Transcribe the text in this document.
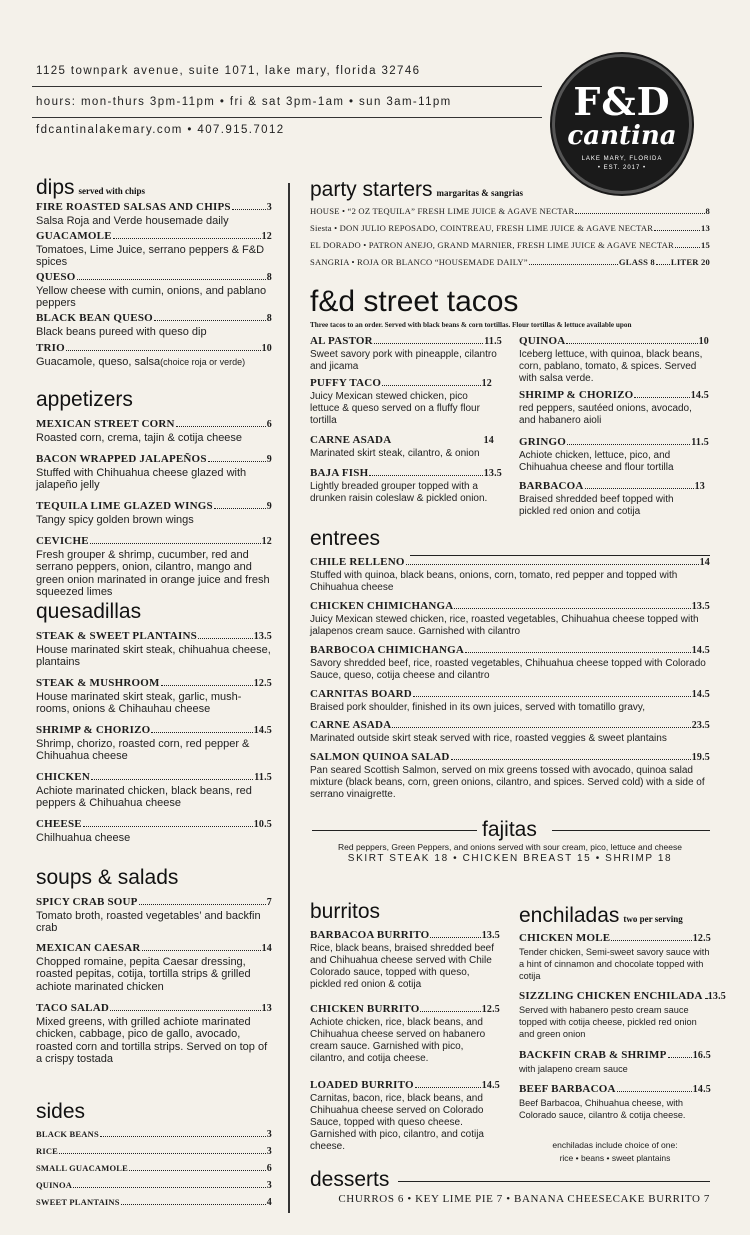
1125 townpark avenue, suite 1071, lake mary, florida 32746
hours: mon-thurs 3pm-11pm • fri & sat 3pm-1am • sun 3am-11pm
fdcantinalakemary.com • 407.915.7012
F&D
cantina
LAKE MARY, FLORIDA
• EST. 2017 •
dips served with chips
FIRE ROASTED SALSAS AND CHIPS	3
Salsa Roja and Verde housemade daily
GUACAMOLE	12
Tomatoes, Lime Juice, serrano peppers & F&D spices
QUESO	8
Yellow cheese with cumin, onions, and pablano peppers
BLACK BEAN QUESO	8
Black beans pureed with queso dip
TRIO	10
Guacamole, queso, salsa(choice roja or verde)
appetizers
MEXICAN STREET CORN	6
Roasted corn, crema, tajin & cotija cheese
BACON WRAPPED JALAPEÑOS	9
Stuffed with Chihuahua cheese glazed with jalapeño jelly
TEQUILA LIME GLAZED WINGS	9
Tangy spicy golden brown wings
CEVICHE	12
Fresh grouper & shrimp, cucumber, red and serrano peppers, onion, cilantro, mango and green onion marinated in orange juice and fresh squeezed limes
quesadillas
STEAK & SWEET PLANTAINS	13.5
House marinated skirt steak, chihuahua cheese, plantains
STEAK & MUSHROOM	12.5
House marinated skirt steak, garlic, mush-rooms, onions & Chihauhau cheese
SHRIMP & CHORIZO	14.5
Shrimp, chorizo, roasted corn, red pepper & Chihuahua cheese
CHICKEN	11.5
Achiote marinated chicken, black beans, red peppers & Chihuahua cheese
CHEESE	10.5
Chilhuahua cheese
soups & salads
SPICY CRAB SOUP	7
Tomato broth, roasted vegetables’ and backfin crab
MEXICAN CAESAR	14
Chopped romaine, pepita Caesar dressing, roasted pepitas, cotija, tortilla strips & grilled achiote marinated chicken
TACO SALAD	13
Mixed greens, with grilled achiote marinated chicken, cabbage, pico de gallo, avocado, roasted corn and tortilla strips. Served on top of a crispy tostada
sides
BLACK BEANS	3
RICE	3
SMALL GUACAMOLE	6
QUINOA	3
SWEET PLANTAINS	4
party starters margaritas & sangrias
HOUSE • “2 OZ TEQUILA” FRESH LIME JUICE & AGAVE NECTAR	8
Siesta • DON JULIO REPOSADO, COINTREAU, FRESH LIME JUICE & AGAVE NECTAR	13
EL DORADO • PATRON ANEJO, GRAND MARNIER, FRESH LIME JUICE & AGAVE NECTAR	15
SANGRIA • ROJA OR BLANCO “HOUSEMADE DAILY”	GLASS 8 LITER 20
f&d street tacos
Three tacos to an order. Served with black beans & corn tortillas. Flour tortillas & lettuce available upon
AL PASTOR	11.5
Sweet savory pork with pineapple, cilantro and jicama
PUFFY TACO	12
Juicy Mexican stewed chicken, pico lettuce & queso served on a fluffy flour tortilla
CARNE ASADA	14
Marinated skirt steak, cilantro, & onion
BAJA FISH	13.5
Lightly breaded grouper topped with a drunken raisin coleslaw & pickled onion.
QUINOA	10
Iceberg lettuce, with quinoa, black beans, corn, pablano, tomato, & spices. Served with salsa verde.
SHRIMP & CHORIZO	14.5
red peppers, sautéed onions, avocado, and habanero aioli
GRINGO	11.5
Achiote chicken, lettuce, pico, and Chihuahua cheese and flour tortilla
BARBACOA	13
Braised shredded beef topped with pickled red onion and cotija
entrees
CHILE RELLENO	14
Stuffed with quinoa, black beans, onions, corn, tomato, red pepper and topped with Chihuahua cheese
CHICKEN CHIMICHANGA	13.5
Juicy Mexican stewed chicken, rice, roasted vegetables, Chihuahua cheese topped with jalapenos cream sauce. Garnished with cilantro
BARBOCOA CHIMICHANGA	14.5
Savory shredded beef, rice, roasted vegetables, Chihuahua cheese topped with Colorado Sauce, queso, cotija cheese and cilantro
CARNITAS BOARD	14.5
Braised pork shoulder, finished in its own juices, served with tomatillo gravy,
CARNE ASADA	23.5
Marinated outside skirt steak served with rice, roasted veggies & sweet plantains
SALMON QUINOA SALAD	19.5
Pan seared Scottish Salmon, served on mix greens tossed with avocado, quinoa salad mixture (black beans, corn, green onions, cilantro, and spices. Served cold) with a side of serrano vinaigrette.
fajitas
Red peppers, Green Peppers, and onions served with sour cream, pico, lettuce and cheese
SKIRT STEAK 18 • CHICKEN BREAST 15 • SHRIMP 18
burritos
BARBACOA BURRITO	13.5
Rice, black beans, braised shredded beef and Chihuahua cheese served with Chile Colorado sauce, topped with queso, pickled red onion & cotija
CHICKEN BURRITO	12.5
Achiote chicken, rice, black beans, and Chihuahua cheese served on habanero cream sauce. Garnished with pico, cilantro, and cotija cheese.
LOADED BURRITO	14.5
Carnitas, bacon, rice, black beans, and Chihuahua cheese served on Colorado Sauce, topped with queso cheese. Garnished with pico, cilantro, and cotija cheese.
enchiladas two per serving
CHICKEN MOLE	12.5
Tender chicken, Semi-sweet savory sauce with a hint of cinnamon and chocolate topped with cotija
SIZZLING CHICKEN ENCHILADA 13.5
Served with habanero pesto cream sauce topped with cotija cheese, pickled red onion and green onion
BACKFIN CRAB & SHRIMP	16.5
with jalapeno cream sauce
BEEF BARBACOA	14.5
Beef Barbacoa, Chihuahua cheese, with Colorado sauce, cilantro & cotija cheese.
enchiladas include choice of one:
rice • beans • sweet plantains
desserts
CHURROS 6 • KEY LIME PIE 7 • BANANA CHEESECAKE BURRITO 7
